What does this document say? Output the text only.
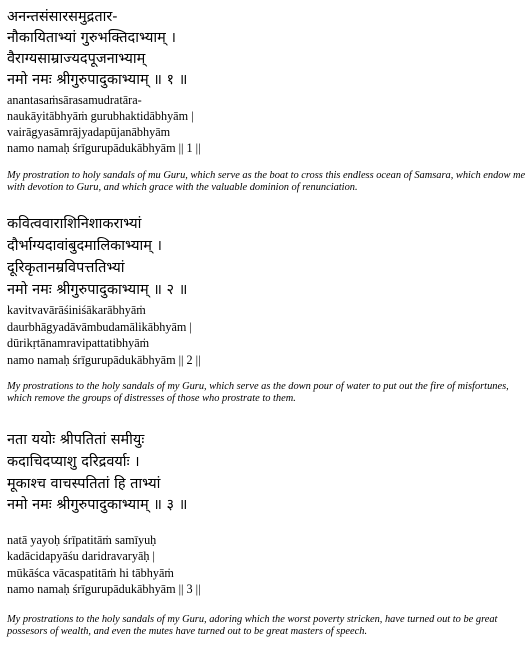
अनन्तसंसारसमुद्रतार-
नौकायिताभ्यां गुरुभक्तिदाभ्याम् ।
वैराग्यसाम्राज्यदपूजनाभ्याम्
नमो नमः श्रीगुरुपादुकाभ्याम् ॥ १ ॥
anantasaṁsārasamudratāra-
naukāyitābhyāṁ gurubhaktidābhyām |
vairāgyasāmrājyadapūjanābhyām
namo namaḥ śrīgurupādukābhyām || 1 ||
My prostration to holy sandals of mu Guru, which serve as the boat to cross this endless ocean of Samsara, which endow me with devotion to Guru, and which grace with the valuable dominion of renunciation.
कवित्ववाराशिनिशाकराभ्यां
दौर्भाग्यदावांबुदमालिकाभ्याम् ।
दूरिकृतानम्रविपत्ततिभ्यां
नमो नमः श्रीगुरुपादुकाभ्याम् ॥ २ ॥
kavitvavārāśiniśākarābhyāṁ
daurbhāgyadāvāmbudamālikābhyām |
dūrikṛtānamravipattatibhyāṁ
namo namaḥ śrīgurupādukābhyām || 2 ||
My prostrations to the holy sandals of my Guru, which serve as the down pour of water to put out the fire of misfortunes, which remove the groups of distresses of those who prostrate to them.
नता ययोः श्रीपतितां समीयुः
कदाचिदप्याशु दरिद्रवर्याः ।
मूकाश्च वाचस्पतितां हि ताभ्यां
नमो नमः श्रीगुरुपादुकाभ्याम् ॥ ३ ॥
natā yayoḥ śrīpatitāṁ samīyuḥ
kadācidapyāśu daridravaryāḥ |
mūkāśca vācaspatitāṁ hi tābhyāṁ
namo namaḥ śrīgurupādukābhyām || 3 ||
My prostrations to the holy sandals of my Guru, adoring which the worst poverty stricken, have turned out to be great possesors of wealth, and even the mutes have turned out to be great masters of speech.
